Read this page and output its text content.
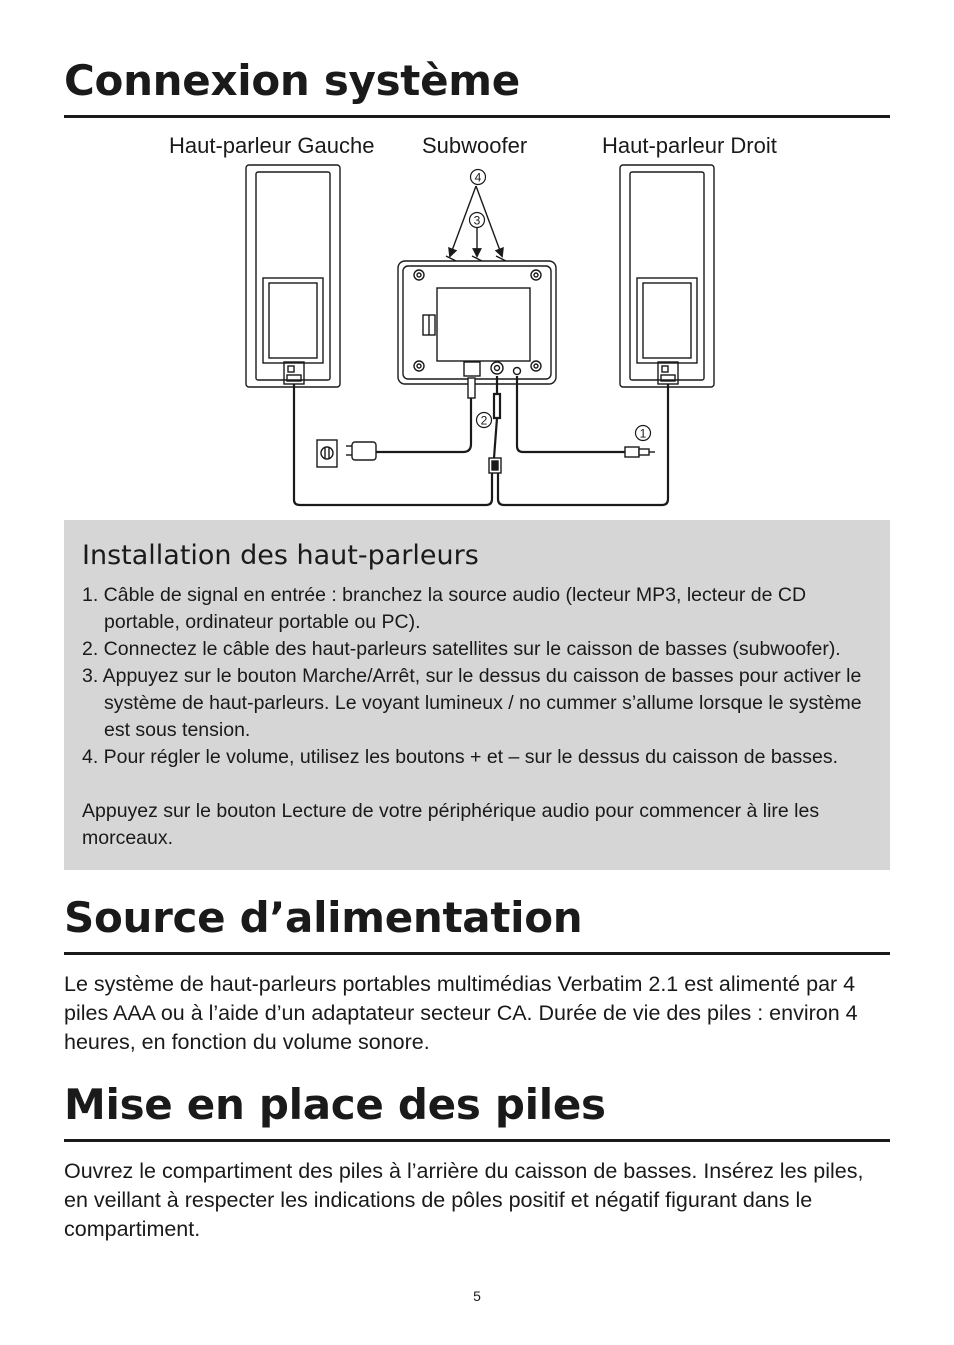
Connexion système
Haut-parleur Gauche Subwoofer	Haut-parleur Droit
4
3
2
1
Installation des haut-parleurs
1. Câble de signal en entrée : branchez la source audio (lecteur MP3, lecteur de CD portable, ordinateur portable ou PC).
2. Connectez le câble des haut-parleurs satellites sur le caisson de basses (subwoofer).
3. Appuyez sur le bouton Marche/Arrêt, sur le dessus du caisson de basses pour activer le système de haut-parleurs. Le voyant lumineux / no cummer s’allume lorsque le système est sous tension.
4. Pour régler le volume, utilisez les boutons + et – sur le dessus du caisson de basses.
Appuyez sur le bouton Lecture de votre périphérique audio pour commencer à lire les morceaux.
Source d’alimentation
Le système de haut-parleurs portables multimédias Verbatim 2.1 est alimenté par 4 piles AAA ou à l’aide d’un adaptateur secteur CA. Durée de vie des piles : environ 4 heures, en fonction du volume sonore.
Mise en place des piles
Ouvrez le compartiment des piles à l’arrière du caisson de basses. Insérez les piles, en veillant à respecter les indications de pôles positif et négatif figurant dans le compartiment.
5
